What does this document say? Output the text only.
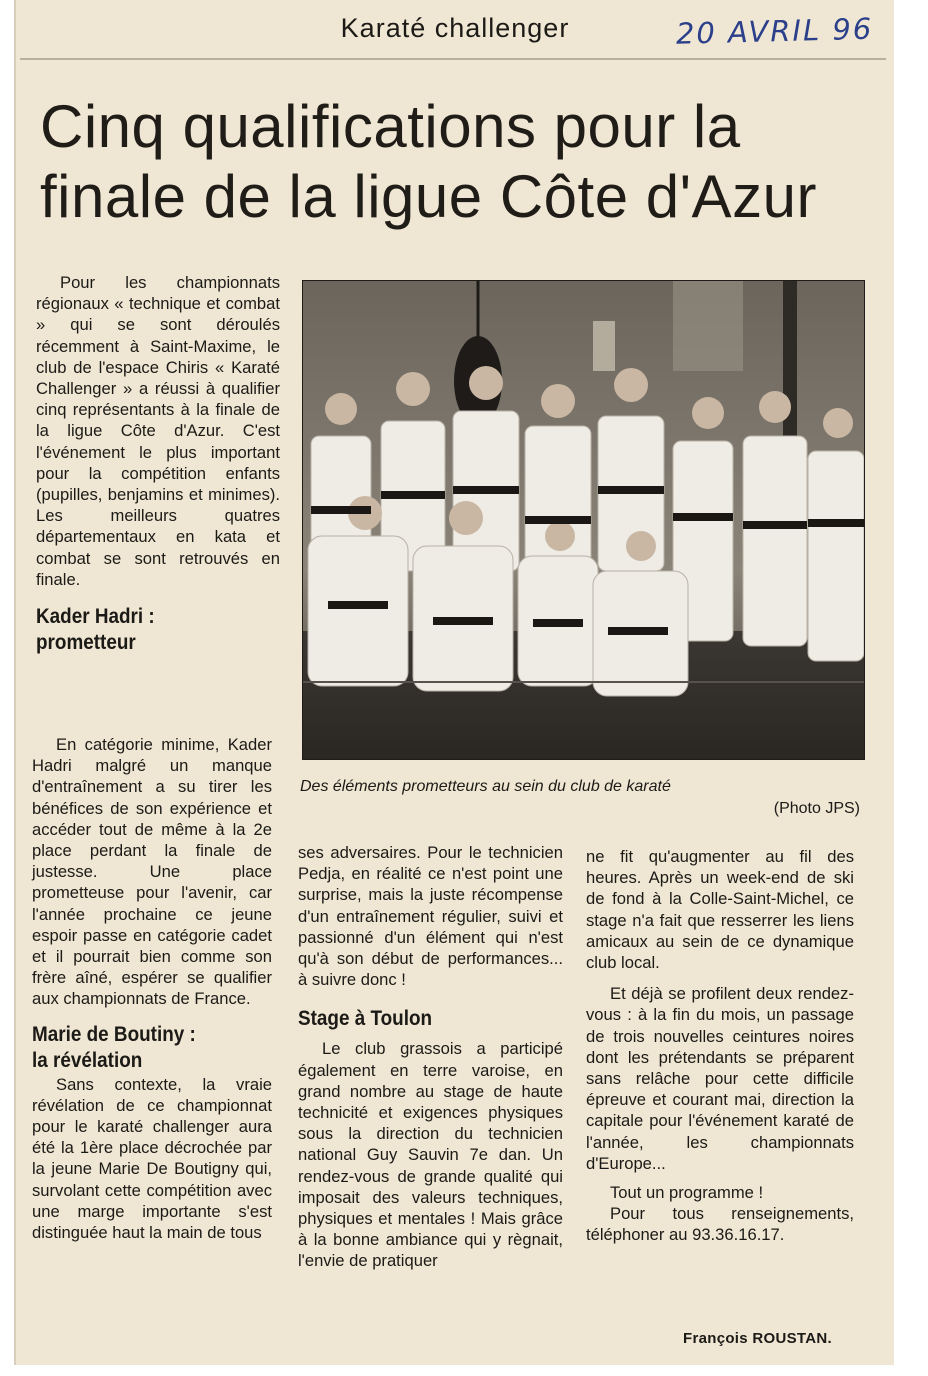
Karaté challenger	20 AVRIL 96
Cinq qualifications pour la
finale de la ligue Côte d'Azur

Pour les championnats régionaux « technique et combat » qui se sont déroulés récemment à Saint-Maxime, le club de l'espace Chiris « Karaté Challenger » a réussi à qualifier cinq représentants à la finale de la ligue Côte d'Azur. C'est l'événement le plus important pour la compétition enfants (pupilles, benjamins et minimes). Les meilleurs quatres départementaux en kata et combat se sont retrouvés en finale.

Kader Hadri :
prometteur

En catégorie minime, Kader Hadri malgré un manque d'entraînement a su tirer les bénéfices de son expérience et accéder tout de même à la 2e place perdant la finale de justesse. Une place prometteuse pour l'avenir, car l'année prochaine ce jeune espoir passe en catégorie cadet et il pourrait bien comme son frère aîné, espérer se qualifier aux championnats de France.

Marie de Boutiny :
la révélation

Sans contexte, la vraie révélation de ce championnat pour le karaté challenger aura été la 1ère place décrochée par la jeune Marie De Boutigny qui, survolant cette compétition avec une marge importante s'est distinguée haut la main de tous

Des éléments prometteurs au sein du club de karaté
(Photo JPS)

ses adversaires. Pour le technicien Pedja, en réalité ce n'est point une surprise, mais la juste récompense d'un entraînement régulier, suivi et passionné d'un élément qui n'est qu'à son début de performances... à suivre donc !

Stage à Toulon

Le club grassois a participé également en terre varoise, en grand nombre au stage de haute technicité et exigences physiques sous la direction du technicien national Guy Sauvin 7e dan. Un rendez-vous de grande qualité qui imposait des valeurs techniques, physiques et mentales ! Mais grâce à la bonne ambiance qui y règnait, l'envie de pratiquer

ne fit qu'augmenter au fil des heures. Après un week-end de ski de fond à la Colle-Saint-Michel, ce stage n'a fait que resserrer les liens amicaux au sein de ce dynamique club local.

Et déjà se profilent deux rendez-vous : à la fin du mois, un passage de trois nouvelles ceintures noires dont les prétendants se préparent sans relâche pour cette difficile épreuve et courant mai, direction la capitale pour l'événement karaté de l'année, les championnats d'Europe...

Tout un programme !

Pour tous renseignements, téléphoner au 93.36.16.17.

François ROUSTAN.
